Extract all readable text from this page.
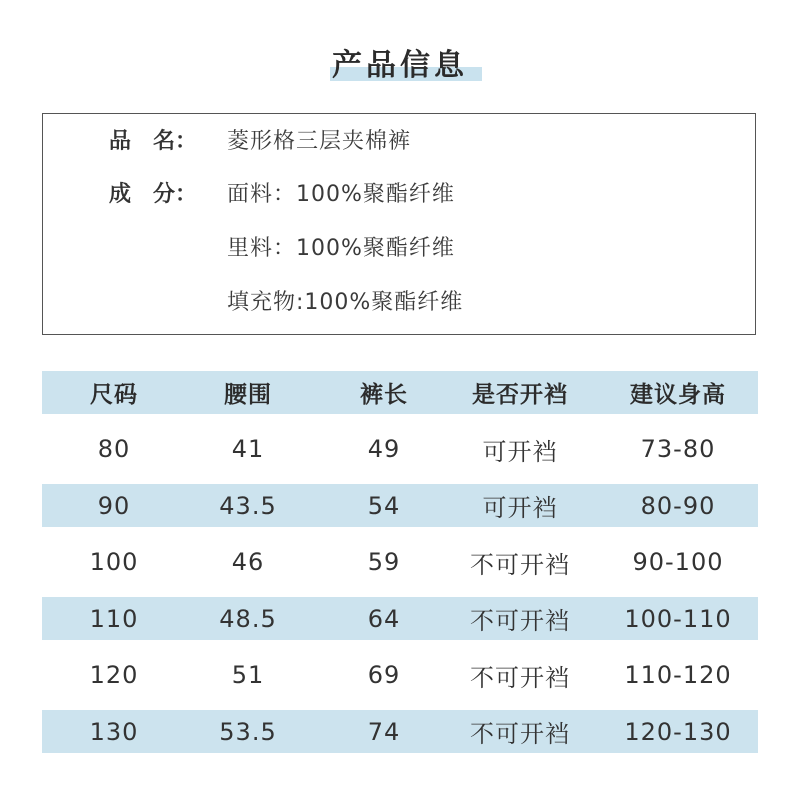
产品信息
品　名：	菱形格三层夹棉裤
成　分：	面料：100%聚酯纤维
里料：100%聚酯纤维
填充物:100%聚酯纤维
尺码	腰围	裤长	是否开裆	建议身高
80	41	49	可开裆	73-80
90	43.5	54	可开裆	80-90
100	46	59	不可开裆	90-100
110	48.5	64	不可开裆	100-110
120	51	69	不可开裆	110-120
130	53.5	74	不可开裆	120-130
